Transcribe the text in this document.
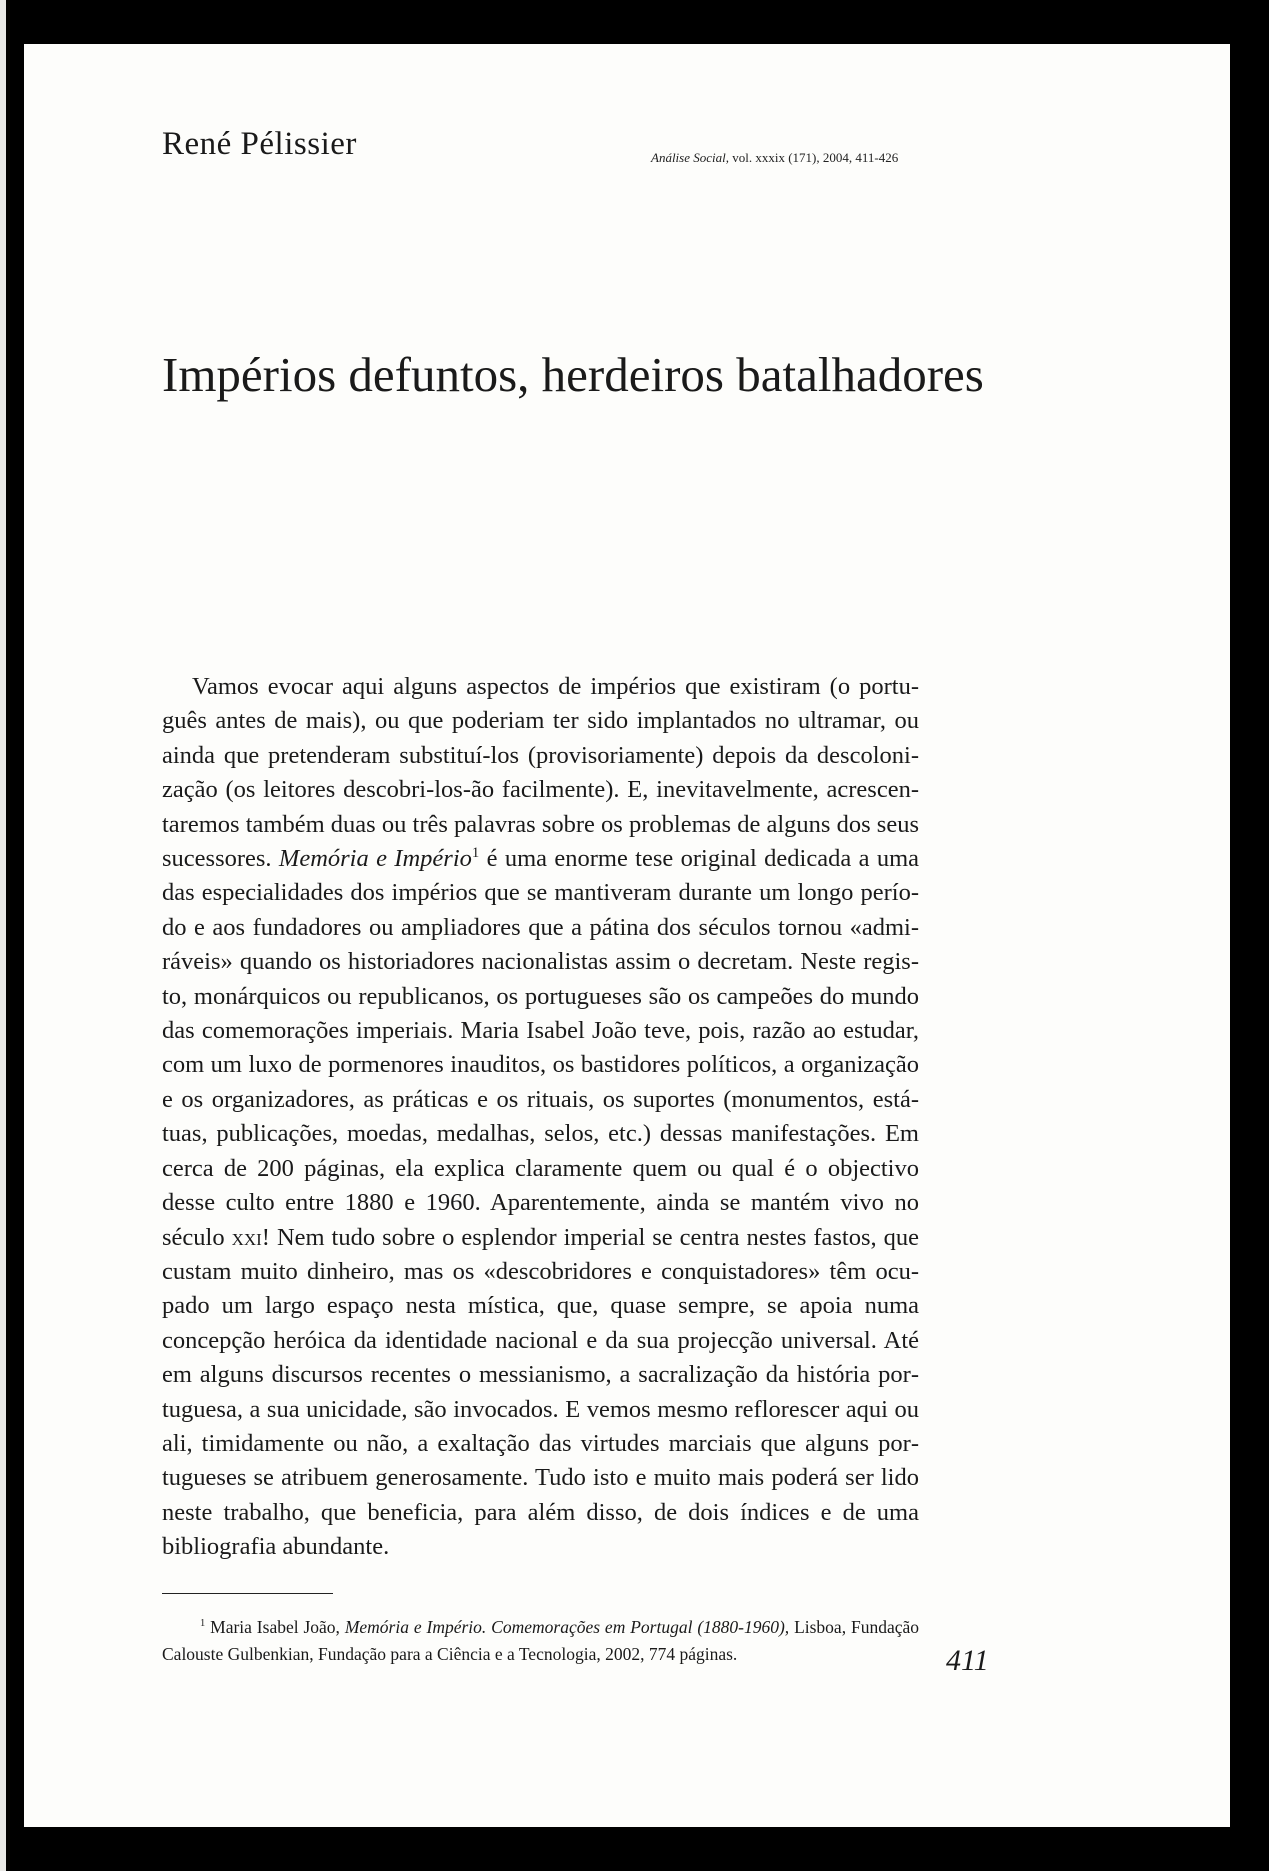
René Pélissier	Análise Social, vol. xxxix (171), 2004, 411-426
Impérios defuntos, herdeiros batalhadores

Vamos evocar aqui alguns aspectos de impérios que existiram (o português antes de mais), ou que poderiam ter sido implantados no ultramar, ou ainda que pretenderam substituí-los (provisoriamente) depois da descolonização (os leitores descobri-los-ão facilmente). E, inevitavelmente, acrescentaremos também duas ou três palavras sobre os problemas de alguns dos seus sucessores. Memória e Império$^1$ é uma enorme tese original dedicada a uma das especialidades dos impérios que se mantiveram durante um longo período e aos fundadores ou ampliadores que a pátina dos séculos tornou «admiráveis» quando os historiadores nacionalistas assim o decretam. Neste registo, monárquicos ou republicanos, os portugueses são os campeões do mundo das comemorações imperiais. Maria Isabel João teve, pois, razão ao estudar, com um luxo de pormenores inauditos, os bastidores políticos, a organização e os organizadores, as práticas e os rituais, os suportes (monumentos, estátuas, publicações, moedas, medalhas, selos, etc.) dessas manifestações. Em cerca de 200 páginas, ela explica claramente quem ou qual é o objectivo desse culto entre 1880 e 1960. Aparentemente, ainda se mantém vivo no século xxi! Nem tudo sobre o esplendor imperial se centra nestes fastos, que custam muito dinheiro, mas os «descobridores e conquistadores» têm ocupado um largo espaço nesta mística, que, quase sempre, se apoia numa concepção heróica da identidade nacional e da sua projecção universal. Até em alguns discursos recentes o messianismo, a sacralização da história portuguesa, a sua unicidade, são invocados. E vemos mesmo reflorescer aqui ou ali, timidamente ou não, a exaltação das virtudes marciais que alguns portugueses se atribuem generosamente. Tudo isto e muito mais poderá ser lido neste trabalho, que beneficia, para além disso, de dois índices e de uma bibliografia abundante.

$^1$ Maria Isabel João, Memória e Império. Comemorações em Portugal (1880-1960), Lisboa, Fundação Calouste Gulbenkian, Fundação para a Ciência e a Tecnologia, 2002, 774 páginas.	411
